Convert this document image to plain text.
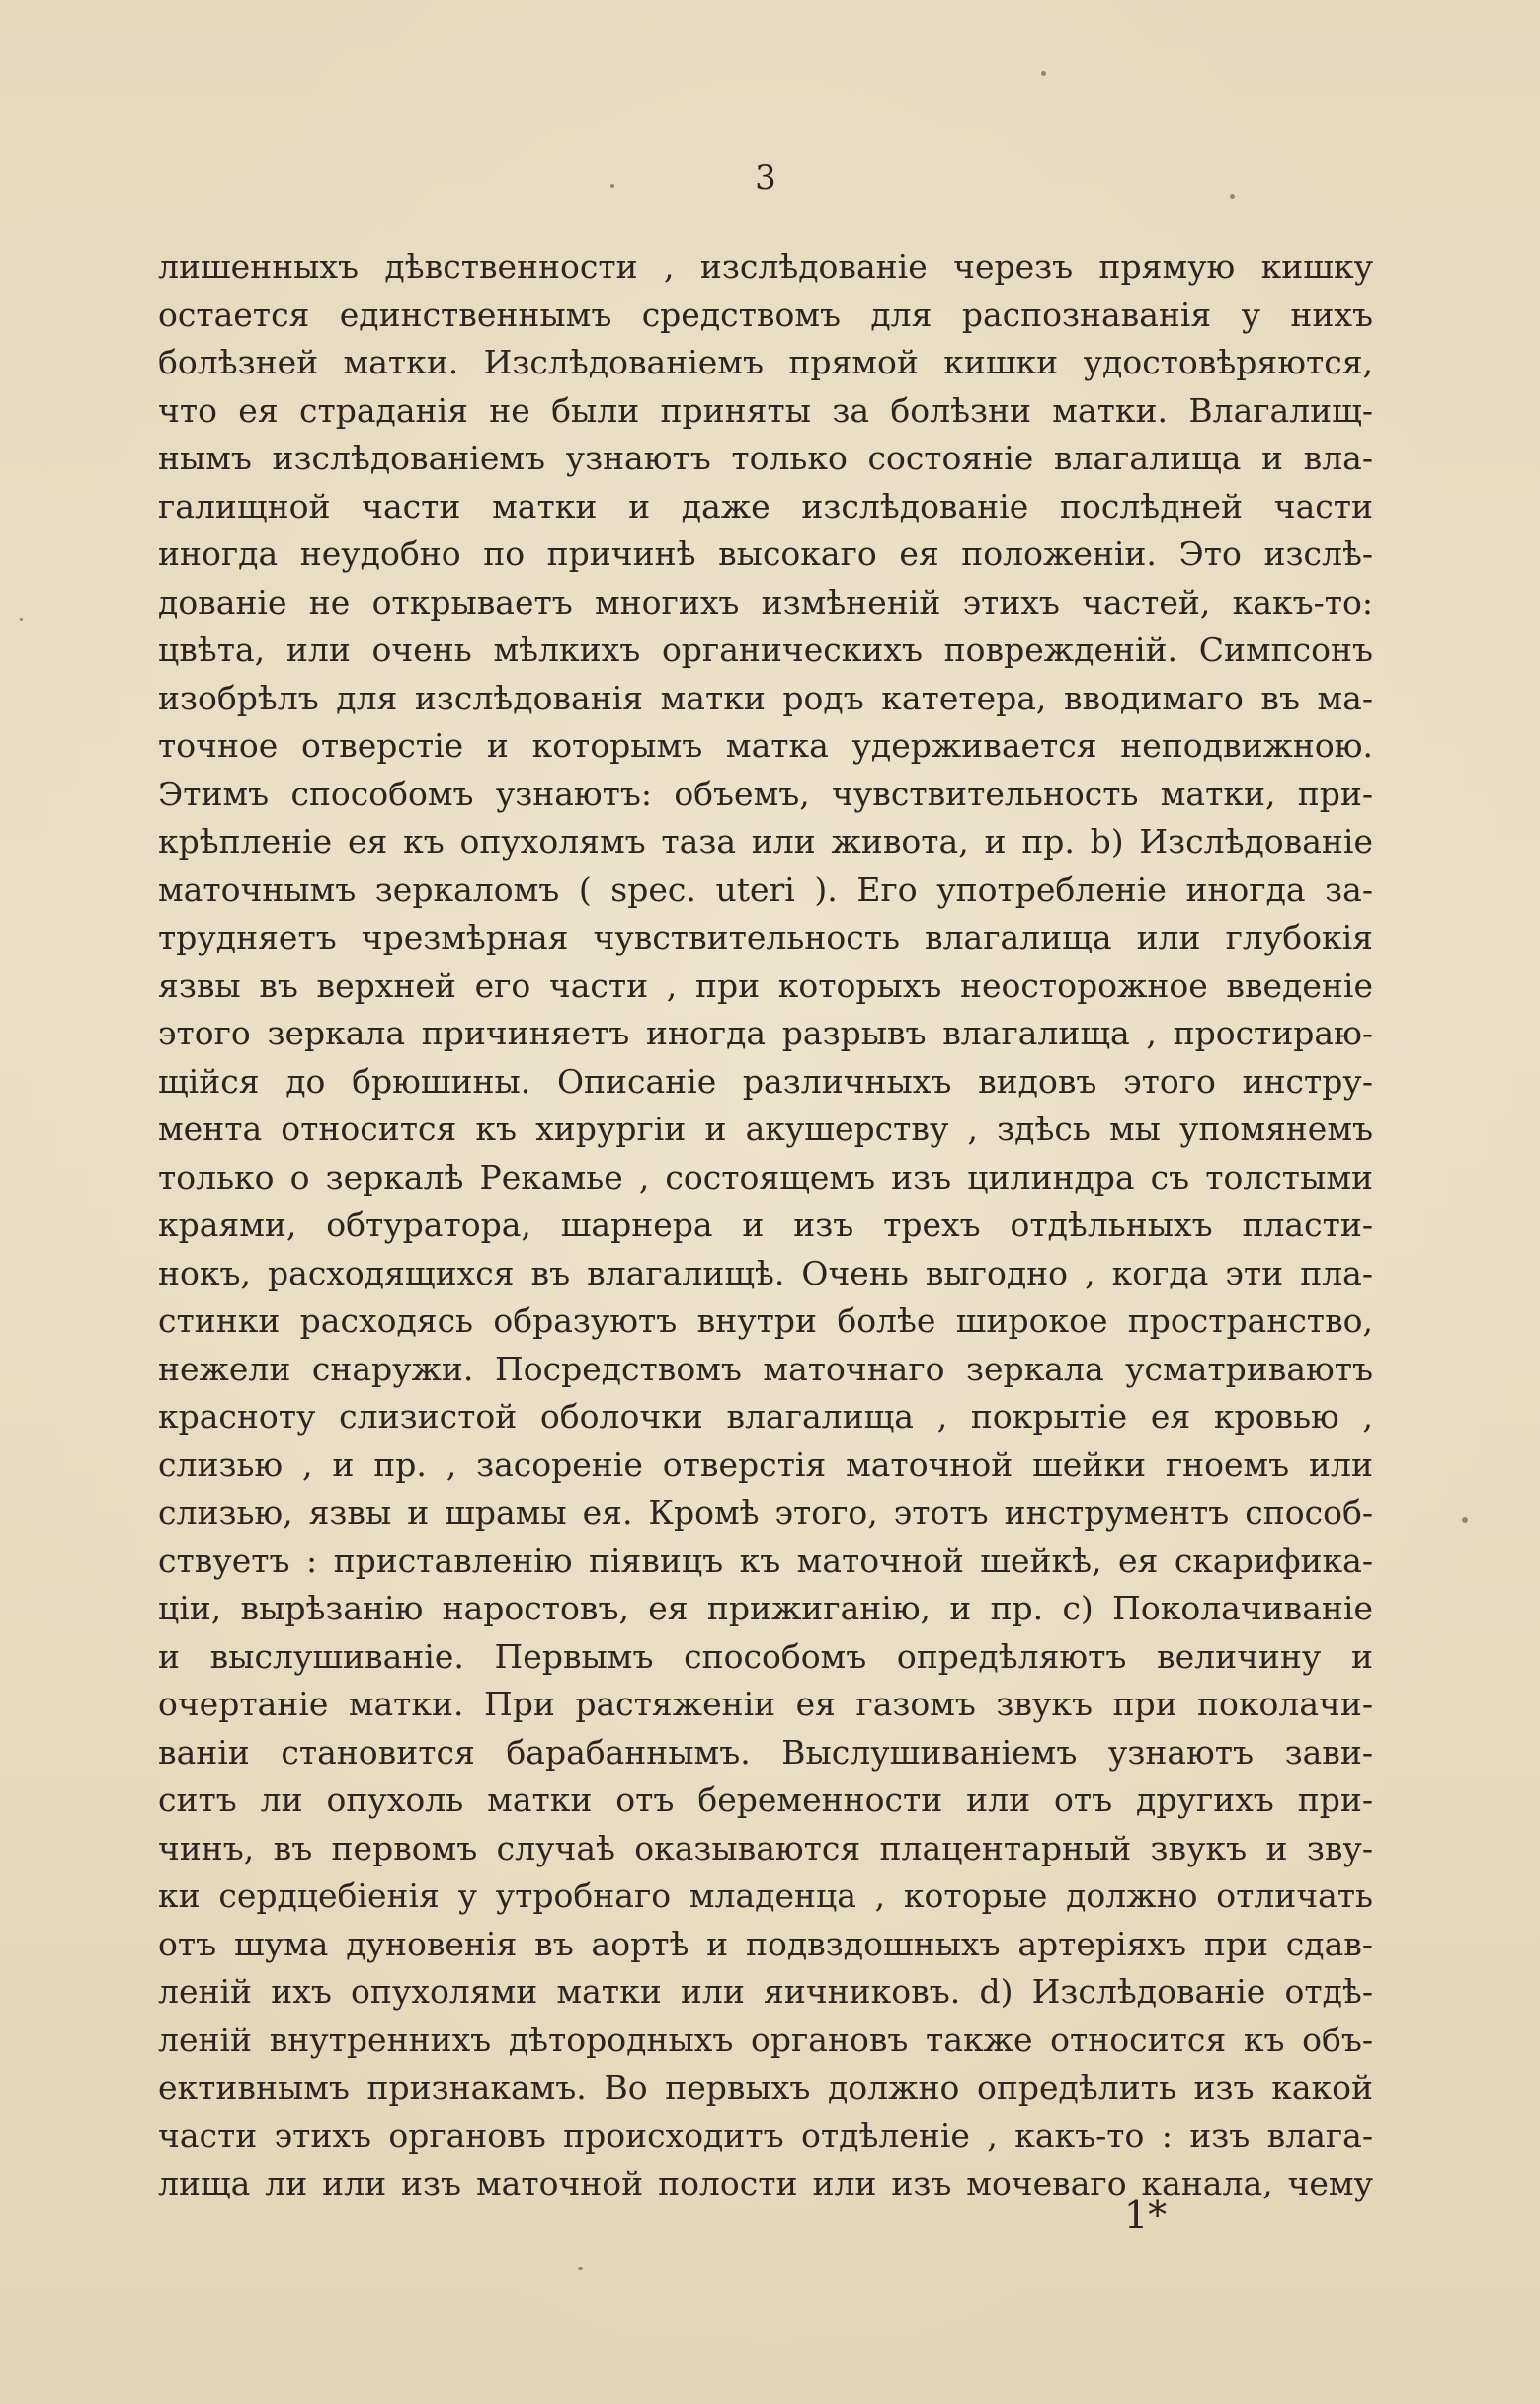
3
лишенныхъ дѣвственности , изслѣдованіе черезъ прямую кишку
остается единственнымъ средствомъ для распознаванія у нихъ
болѣзней матки. Изслѣдованіемъ прямой кишки удостовѣряются,
что ея страданія не были приняты за болѣзни матки. Влагалищ-
нымъ изслѣдованіемъ узнаютъ только состояніе влагалища и вла-
галищной части матки и даже изслѣдованіе послѣдней части
иногда неудобно по причинѣ высокаго ея положеніи. Это изслѣ-
дованіе не открываетъ многихъ измѣненій этихъ частей, какъ-то:
цвѣта, или очень мѣлкихъ органическихъ поврежденій. Симпсонъ
изобрѣлъ для изслѣдованія матки родъ катетера, вводимаго въ ма-
точное отверстіе и которымъ матка удерживается неподвижною.
Этимъ способомъ узнаютъ: объемъ, чувствительность матки, при-
крѣпленіе ея къ опухолямъ таза или живота, и пр. b) Изслѣдованіе
маточнымъ зеркаломъ ( spec. uteri ). Его употребленіе иногда за-
трудняетъ чрезмѣрная чувствительность влагалища или глубокія
язвы въ верхней его части , при которыхъ неосторожное введеніе
этого зеркала причиняетъ иногда разрывъ влагалища , простираю-
щійся до брюшины. Описаніе различныхъ видовъ этого инстру-
мента относится къ хирургіи и акушерству , здѣсь мы упомянемъ
только о зеркалѣ Рекамье , состоящемъ изъ цилиндра съ толстыми
краями, обтуратора, шарнера и изъ трехъ отдѣльныхъ пласти-
нокъ, расходящихся въ влагалищѣ. Очень выгодно , когда эти пла-
стинки расходясь образуютъ внутри болѣе широкое пространство,
нежели снаружи. Посредствомъ маточнаго зеркала усматриваютъ
красноту слизистой оболочки влагалища , покрытіе ея кровью ,
слизью , и пр. , засореніе отверстія маточной шейки гноемъ или
слизью, язвы и шрамы ея. Кромѣ этого, этотъ инструментъ способ-
ствуетъ : приставленію піявицъ къ маточной шейкѣ, ея скарифика-
ціи, вырѣзанію наростовъ, ея прижиганію, и пр. c) Поколачиваніе
и выслушиваніе. Первымъ способомъ опредѣляютъ величину и
очертаніе матки. При растяженіи ея газомъ звукъ при поколачи-
ваніи становится барабаннымъ. Выслушиваніемъ узнаютъ зави-
ситъ ли опухоль матки отъ беременности или отъ другихъ при-
чинъ, въ первомъ случаѣ оказываются плацентарный звукъ и зву-
ки сердцебіенія у утробнаго младенца , которые должно отличать
отъ шума дуновенія въ аортѣ и подвздошныхъ артеріяхъ при сдав-
леній ихъ опухолями матки или яичниковъ. d) Изслѣдованіе отдѣ-
леній внутреннихъ дѣтородныхъ органовъ также относится къ объ-
ективнымъ признакамъ. Во первыхъ должно опредѣлить изъ какой
части этихъ органовъ происходитъ отдѣленіе , какъ-то : изъ влага-
лища ли или изъ маточной полости или изъ мочеваго канала, чему
1*
